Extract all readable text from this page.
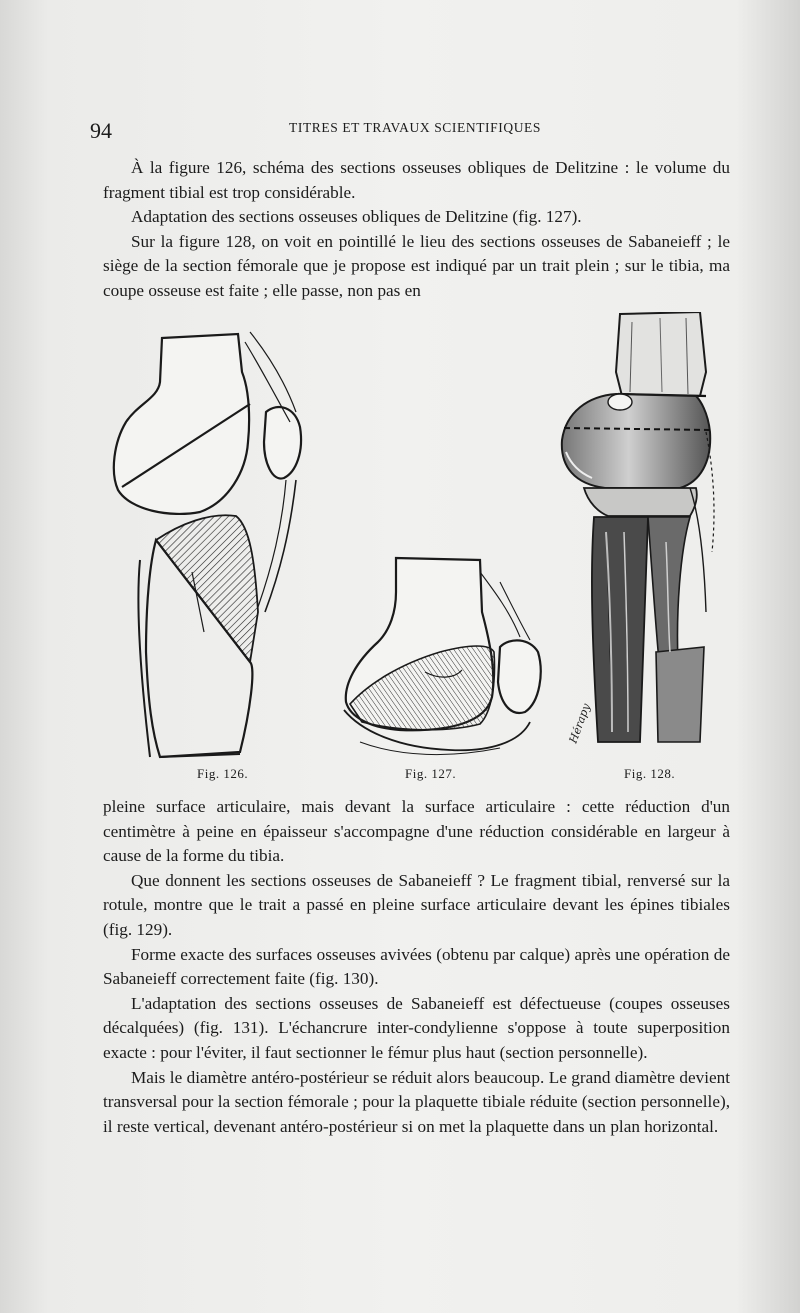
94	TITRES ET TRAVAUX SCIENTIFIQUES

À la figure 126, schéma des sections osseuses obliques de Delitzine : le volume du fragment tibial est trop considérable.

Adaptation des sections osseuses obliques de Delitzine (fig. 127).

Sur la figure 128, on voit en pointillé le lieu des sections osseuses de Sabaneieff ; le siège de la section fémorale que je propose est indiqué par un trait plein ; sur le tibia, ma coupe osseuse est faite ; elle passe, non pas en

Hérapy
Fig. 126.	Fig. 127.	Fig. 128.

pleine surface articulaire, mais devant la surface articulaire : cette réduction d'un centimètre à peine en épaisseur s'accompagne d'une réduction considérable en largeur à cause de la forme du tibia.

Que donnent les sections osseuses de Sabaneieff ? Le fragment tibial, renversé sur la rotule, montre que le trait a passé en pleine surface articulaire devant les épines tibiales (fig. 129).

Forme exacte des surfaces osseuses avivées (obtenu par calque) après une opération de Sabaneieff correctement faite (fig. 130).

L'adaptation des sections osseuses de Sabaneieff est défectueuse (coupes osseuses décalquées) (fig. 131). L'échancrure inter-condylienne s'oppose à toute superposition exacte : pour l'éviter, il faut sectionner le fémur plus haut (section personnelle).

Mais le diamètre antéro-postérieur se réduit alors beaucoup. Le grand diamètre devient transversal pour la section fémorale ; pour la plaquette tibiale réduite (section personnelle), il reste vertical, devenant antéro-postérieur si on met la plaquette dans un plan horizontal.
